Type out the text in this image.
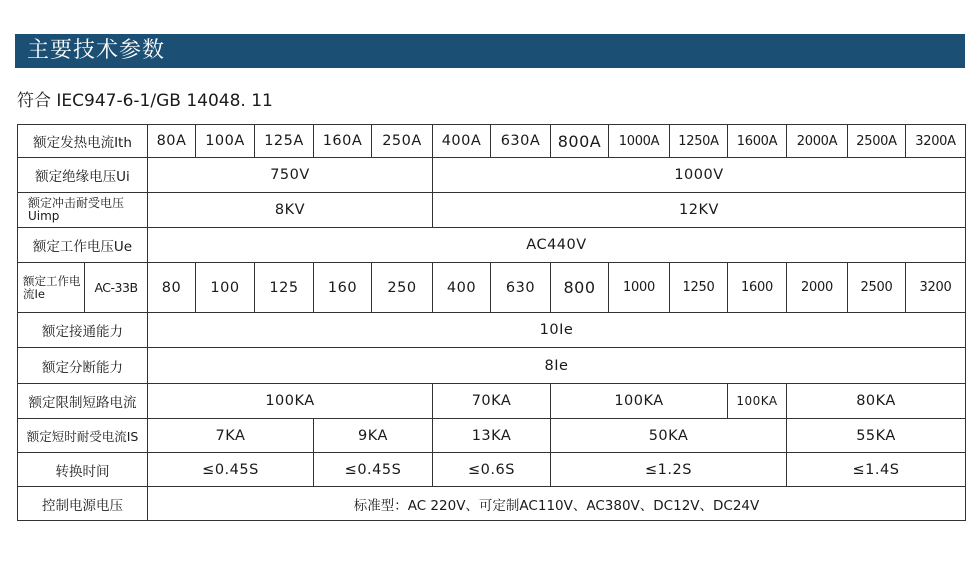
主要技术参数
符合 IEC947-6-1/GB 14048. 11
额定发热电流Ith		80A	100A	125A	160A	250A	400A	630A	800A	1000A	1250A	1600A	2000A	2500A	3200A
额定绝缘电压Ui		750V					1000V								
额定冲击耐受电压Uimp		8KV					12KV								
额定工作电压Ue		AC440V													
额定工作电流Ie	AC-33B	80	100	125	160	250	400	630	800	1000	1250	1600	2000	2500	3200
额定接通能力		10Ie													
额定分断能力		8Ie													
额定限制短路电流		100KA					70KA		100KA			100KA	80KA		
额定短时耐受电流IS		7KA			9KA		13KA		50KA				55KA		
转换时间		≤0.45S			≤0.45S		≤0.6S		≤1.2S				≤1.4S		
控制电源电压		标准型：AC 220V、可定制AC110V、AC380V、DC12V、DC24V													
